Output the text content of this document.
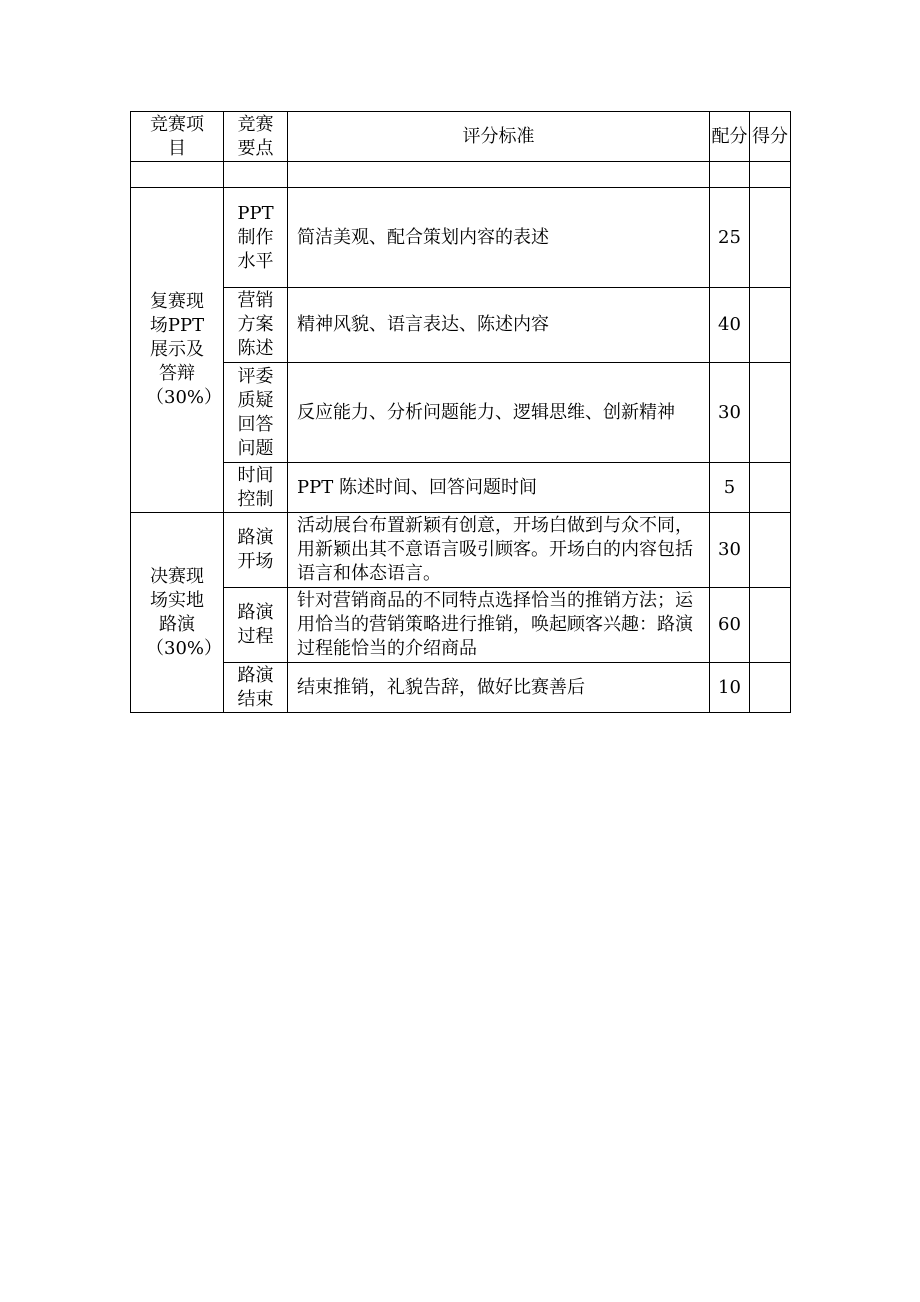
竞赛项目	竞赛要点	评分标准	配分	得分

复赛现场PPT展示及答辩（30%）	PPT制作水平	简洁美观、配合策划内容的表述	25	
	营销方案陈述	精神风貌、语言表达、陈述内容	40	
	评委质疑回答问题	反应能力、分析问题能力、逻辑思维、创新精神	30	
	时间控制	PPT 陈述时间、回答问题时间	5	
决赛现场实地路演（30%）	路演开场	活动展台布置新颖有创意，开场白做到与众不同，用新颖出其不意语言吸引顾客。开场白的内容包括语言和体态语言。	30	
	路演过程	针对营销商品的不同特点选择恰当的推销方法；运用恰当的营销策略进行推销，唤起顾客兴趣：路演过程能恰当的介绍商品	60	
	路演结束	结束推销，礼貌告辞，做好比赛善后	10	
